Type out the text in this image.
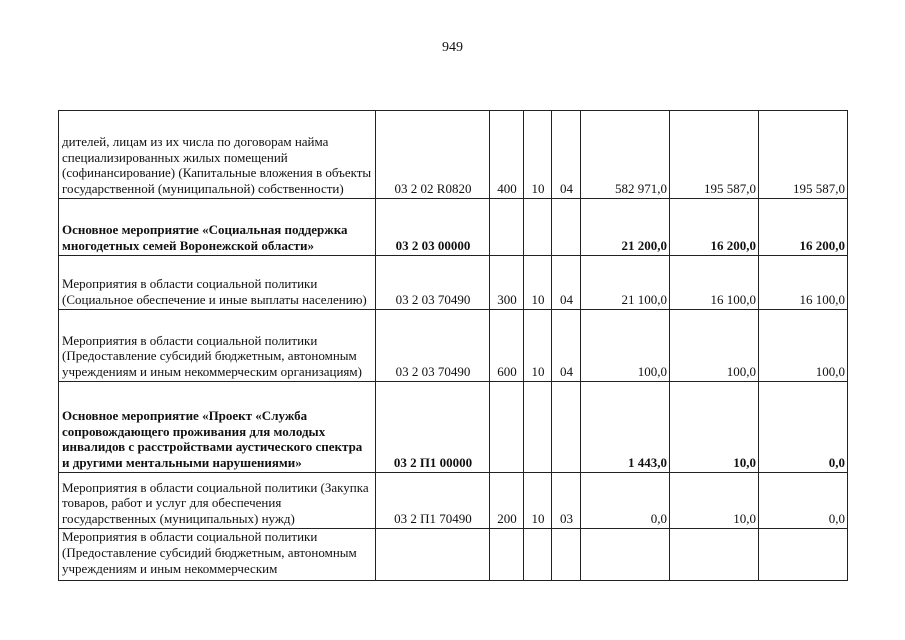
949
дителей, лицам из их числа по договорам найма специализированных жилых помещений (софинансирование) (Капитальные вложения в объекты государственной (муниципальной) собственности)	03 2 02 R0820	400	10	04	582 971,0	195 587,0	195 587,0
Основное мероприятие «Социальная поддержка многодетных семей Воронежской области»	03 2 03 00000				21 200,0	16 200,0	16 200,0
Мероприятия в области социальной политики (Социальное обеспечение и иные выплаты населению)	03 2 03 70490	300	10	04	21 100,0	16 100,0	16 100,0
Мероприятия в области социальной политики (Предоставление субсидий бюджетным, автономным учреждениям и иным некоммерческим организациям)	03 2 03 70490	600	10	04	100,0	100,0	100,0
Основное мероприятие «Проект «Служба сопровождающего проживания для молодых инвалидов с расстройствами аустического спектра и другими ментальными нарушениями»	03 2 П1 00000				1 443,0	10,0	0,0
Мероприятия в области социальной политики (Закупка товаров, работ и услуг для обеспечения государственных (муниципальных) нужд)	03 2 П1 70490	200	10	03	0,0	10,0	0,0
Мероприятия в области социальной политики (Предоставление субсидий бюджетным, автономным учреждениям и иным некоммерческим							
